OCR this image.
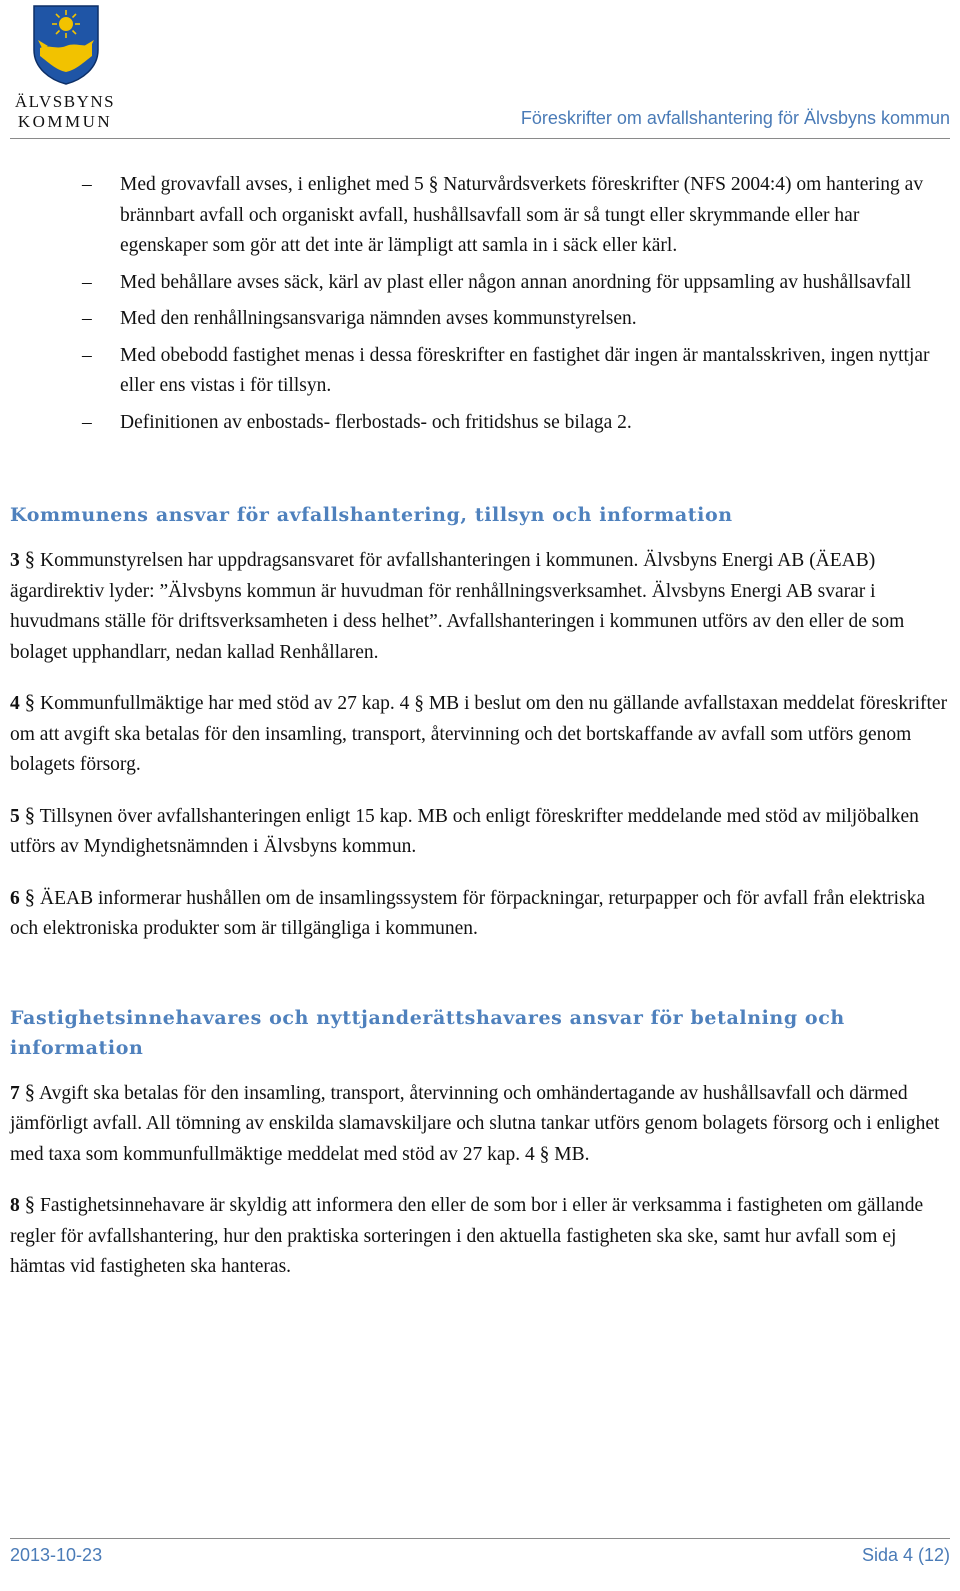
ÄLVSBYNS
KOMMUN	Föreskrifter om avfallshantering för Älvsbyns kommun
– Med grovavfall avses, i enlighet med 5 § Naturvårdsverkets föreskrifter (NFS 2004:4) om hantering av brännbart avfall och organiskt avfall, hushållsavfall som är så tungt eller skrymmande eller har egenskaper som gör att det inte är lämpligt att samla in i säck eller kärl.
– Med behållare avses säck, kärl av plast eller någon annan anordning för uppsamling av hushållsavfall
– Med den renhållningsansvariga nämnden avses kommunstyrelsen.
– Med obebodd fastighet menas i dessa föreskrifter en fastighet där ingen är mantalsskriven, ingen nyttjar eller ens vistas i för tillsyn.
– Definitionen av enbostads- flerbostads- och fritidshus se bilaga 2.
Kommunens ansvar för avfallshantering, tillsyn och information

3 § Kommunstyrelsen har uppdragsansvaret för avfallshanteringen i kommunen. Älvsbyns Energi AB (ÄEAB) ägardirektiv lyder: ”Älvsbyns kommun är huvudman för renhållningsverksamhet. Älvsbyns Energi AB svarar i huvudmans ställe för driftsverksamheten i dess helhet”. Avfallshanteringen i kommunen utförs av den eller de som bolaget upphandlarr, nedan kallad Renhållaren.

4 § Kommunfullmäktige har med stöd av 27 kap. 4 § MB i beslut om den nu gällande avfallstaxan meddelat föreskrifter om att avgift ska betalas för den insamling, transport, återvinning och det bortskaffande av avfall som utförs genom bolagets försorg.

5 § Tillsynen över avfallshanteringen enligt 15 kap. MB och enligt föreskrifter meddelande med stöd av miljöbalken utförs av Myndighetsnämnden i Älvsbyns kommun.

6 § ÄEAB informerar hushållen om de insamlingssystem för förpackningar, returpapper och för avfall från elektriska och elektroniska produkter som är tillgängliga i kommunen.

Fastighetsinnehavares och nyttjanderättshavares ansvar för betalning och information

7 § Avgift ska betalas för den insamling, transport, återvinning och omhändertagande av hushållsavfall och därmed jämförligt avfall. All tömning av enskilda slamavskiljare och slutna tankar utförs genom bolagets försorg och i enlighet med taxa som kommunfullmäktige meddelat med stöd av 27 kap. 4 § MB.

8 § Fastighetsinnehavare är skyldig att informera den eller de som bor i eller är verksamma i fastigheten om gällande regler för avfallshantering, hur den praktiska sorteringen i den aktuella fastigheten ska ske, samt hur avfall som ej hämtas vid fastigheten ska hanteras.

2013-10-23	Sida 4 (12)
